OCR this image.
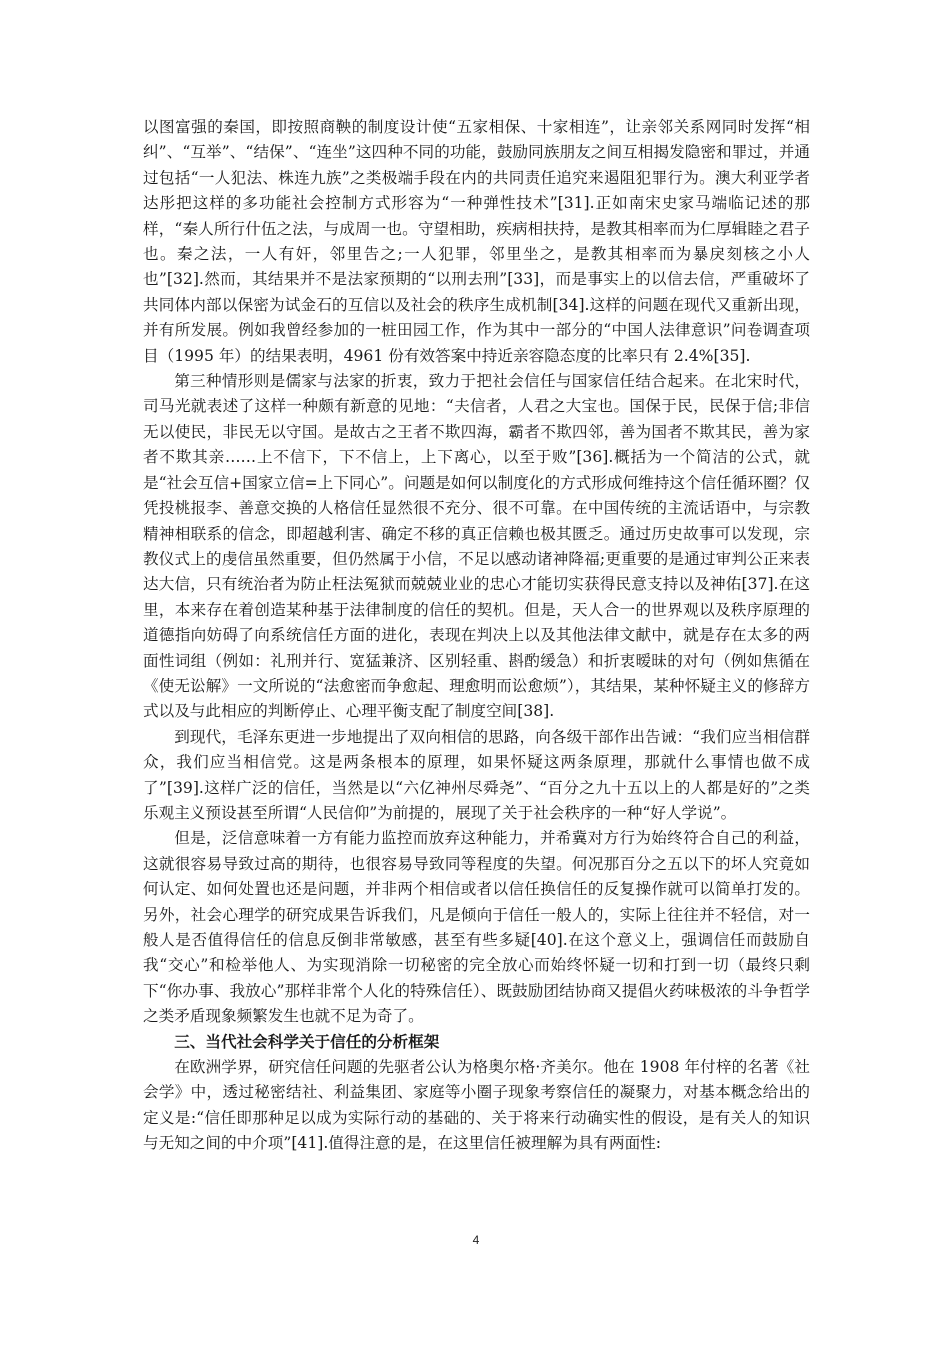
以图富强的秦国，即按照商鞅的制度设计使“五家相保、十家相连”，让亲邻关系网同时发挥“相纠”、“互举”、“结保”、“连坐”这四种不同的功能，鼓励同族朋友之间互相揭发隐密和罪过，并通过包括“一人犯法、株连九族”之类极端手段在内的共同责任追究来遏阻犯罪行为。澳大利亚学者达彤把这样的多功能社会控制方式形容为“一种弹性技术”[31].正如南宋史家马端临记述的那样，“秦人所行什伍之法，与成周一也。守望相助，疾病相扶持，是教其相率而为仁厚辑睦之君子也。秦之法，一人有奸，邻里告之;一人犯罪，邻里坐之，是教其相率而为暴戾刻核之小人也”[32].然而，其结果并不是法家预期的“以刑去刑”[33]，而是事实上的以信去信，严重破坏了共同体内部以保密为试金石的互信以及社会的秩序生成机制[34].这样的问题在现代又重新出现，并有所发展。例如我曾经参加的一桩田园工作，作为其中一部分的“中国人法律意识”问卷调查项目（1995 年）的结果表明，4961 份有效答案中持近亲容隐态度的比率只有 2.4%[35].

第三种情形则是儒家与法家的折衷，致力于把社会信任与国家信任结合起来。在北宋时代，司马光就表述了这样一种颇有新意的见地：“夫信者，人君之大宝也。国保于民，民保于信;非信无以使民，非民无以守国。是故古之王者不欺四海，霸者不欺四邻，善为国者不欺其民，善为家者不欺其亲……上不信下，下不信上，上下离心，以至于败”[36].概括为一个简洁的公式，就是“社会互信+国家立信=上下同心”。问题是如何以制度化的方式形成何维持这个信任循环圈？仅凭投桃报李、善意交换的人格信任显然很不充分、很不可靠。在中国传统的主流话语中，与宗教精神相联系的信念，即超越利害、确定不移的真正信赖也极其匮乏。通过历史故事可以发现，宗教仪式上的虔信虽然重要，但仍然属于小信，不足以感动诸神降福;更重要的是通过审判公正来表达大信，只有统治者为防止枉法冤狱而兢兢业业的忠心才能切实获得民意支持以及神佑[37].在这里，本来存在着创造某种基于法律制度的信任的契机。但是，天人合一的世界观以及秩序原理的道德指向妨碍了向系统信任方面的进化，表现在判决上以及其他法律文献中，就是存在太多的两面性词组（例如：礼刑并行、宽猛兼济、区别轻重、斟酌缓急）和折衷暧昧的对句（例如焦循在《使无讼解》一文所说的“法愈密而争愈起、理愈明而讼愈烦”），其结果，某种怀疑主义的修辞方式以及与此相应的判断停止、心理平衡支配了制度空间[38].

到现代，毛泽东更进一步地提出了双向相信的思路，向各级干部作出告诫：“我们应当相信群众，我们应当相信党。这是两条根本的原理，如果怀疑这两条原理，那就什么事情也做不成了”[39].这样广泛的信任，当然是以“六亿神州尽舜尧”、“百分之九十五以上的人都是好的”之类乐观主义预设甚至所谓“人民信仰”为前提的，展现了关于社会秩序的一种“好人学说”。

但是，泛信意味着一方有能力监控而放弃这种能力，并希冀对方行为始终符合自己的利益，这就很容易导致过高的期待，也很容易导致同等程度的失望。何况那百分之五以下的坏人究竟如何认定、如何处置也还是问题，并非两个相信或者以信任换信任的反复操作就可以简单打发的。另外，社会心理学的研究成果告诉我们，凡是倾向于信任一般人的，实际上往往并不轻信，对一般人是否值得信任的信息反倒非常敏感，甚至有些多疑[40].在这个意义上，强调信任而鼓励自我“交心”和检举他人、为实现消除一切秘密的完全放心而始终怀疑一切和打到一切（最终只剩下“你办事、我放心”那样非常个人化的特殊信任）、既鼓励团结协商又提倡火药味极浓的斗争哲学之类矛盾现象频繁发生也就不足为奇了。

三、当代社会科学关于信任的分析框架

在欧洲学界，研究信任问题的先驱者公认为格奥尔格·齐美尔。他在 1908 年付梓的名著《社会学》中，透过秘密结社、利益集团、家庭等小圈子现象考察信任的凝聚力，对基本概念给出的定义是:“信任即那种足以成为实际行动的基础的、关于将来行动确实性的假设，是有关人的知识与无知之间的中介项”[41].值得注意的是，在这里信任被理解为具有两面性:

4
